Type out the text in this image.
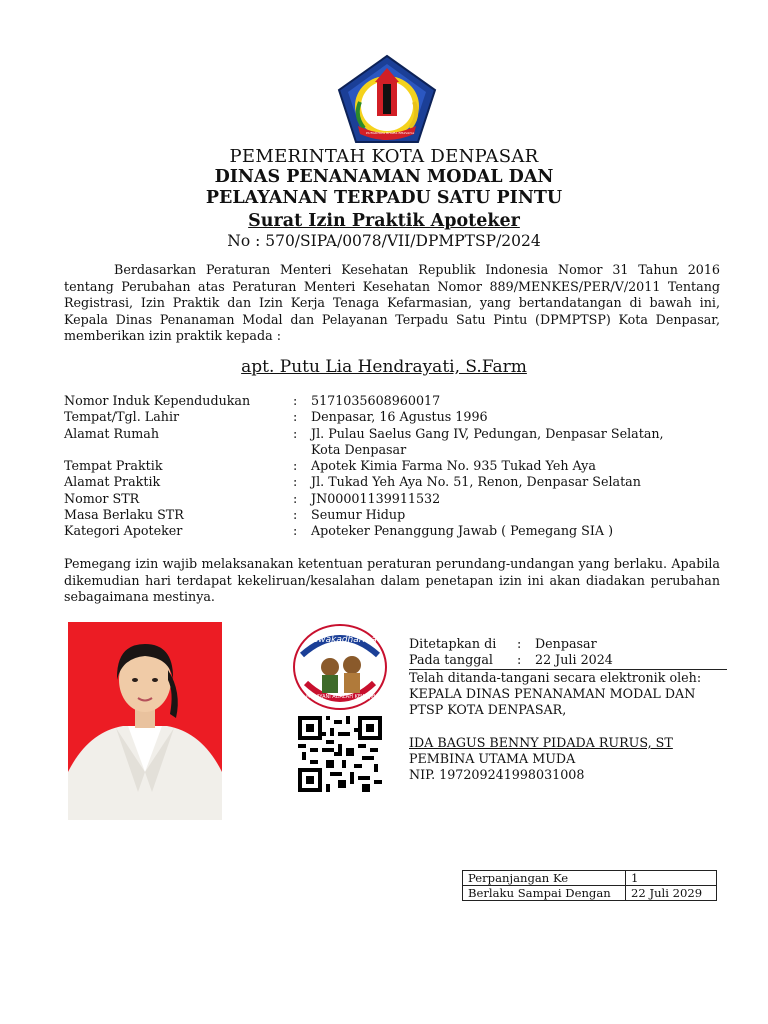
PURADHIPA BHARA BHAVANA
PEMERINTAH KOTA DENPASAR
DINAS PENANAMAN MODAL DAN
PELAYANAN TERPADU SATU PINTU
Surat Izin Praktik Apoteker
No : 570/SIPA/0078/VII/DPMPTSP/2024
Berdasarkan Peraturan Menteri Kesehatan Republik Indonesia Nomor 31 Tahun 2016 tentang Perubahan atas Peraturan Menteri Kesehatan Nomor 889/MENKES/PER/V/2011 Tentang Registrasi, Izin Praktik dan Izin Kerja Tenaga Kefarmasian, yang bertandatangan di bawah ini, Kepala Dinas Penanaman Modal dan Pelayanan Terpadu Satu Pintu (DPMPTSP) Kota Denpasar, memberikan izin praktik kepada :
apt. Putu Lia Hendrayati, S.Farm
Nomor Induk Kependudukan	: 5171035608960017
Tempat/Tgl. Lahir	: Denpasar, 16 Agustus 1996
Alamat Rumah	: Jl. Pulau Saelus Gang IV, Pedungan, Denpasar Selatan,
Kota Denpasar
Tempat Praktik	: Apotek Kimia Farma No. 935 Tukad Yeh Aya
Alamat Praktik	: Jl. Tukad Yeh Aya No. 51, Renon, Denpasar Selatan
Nomor STR	: JN00001139911532
Masa Berlaku STR	: Seumur Hidup
Kategori Apoteker	: Apoteker Penanggung Jawab ( Pemegang SIA )
Pemegang izin wajib melaksanakan ketentuan peraturan perundang-undangan yang berlaku. Apabila dikemudian hari terdapat kekeliruan/kesalahan dalam penetapan izin ini akan diadakan perubahan sebagaimana mestinya.
sewakadharma
MELAYANI ADALAH KEWAJIBAN
Ditetapkan di : Denpasar
Pada tanggal : 22 Juli 2024
Telah ditanda-tangani secara elektronik oleh:
KEPALA DINAS PENANAMAN MODAL DAN
PTSP KOTA DENPASAR,
IDA BAGUS BENNY PIDADA RURUS, ST
PEMBINA UTAMA MUDA
NIP. 197209241998031008
Perpanjangan Ke	1
Berlaku Sampai Dengan	22 Juli 2029
